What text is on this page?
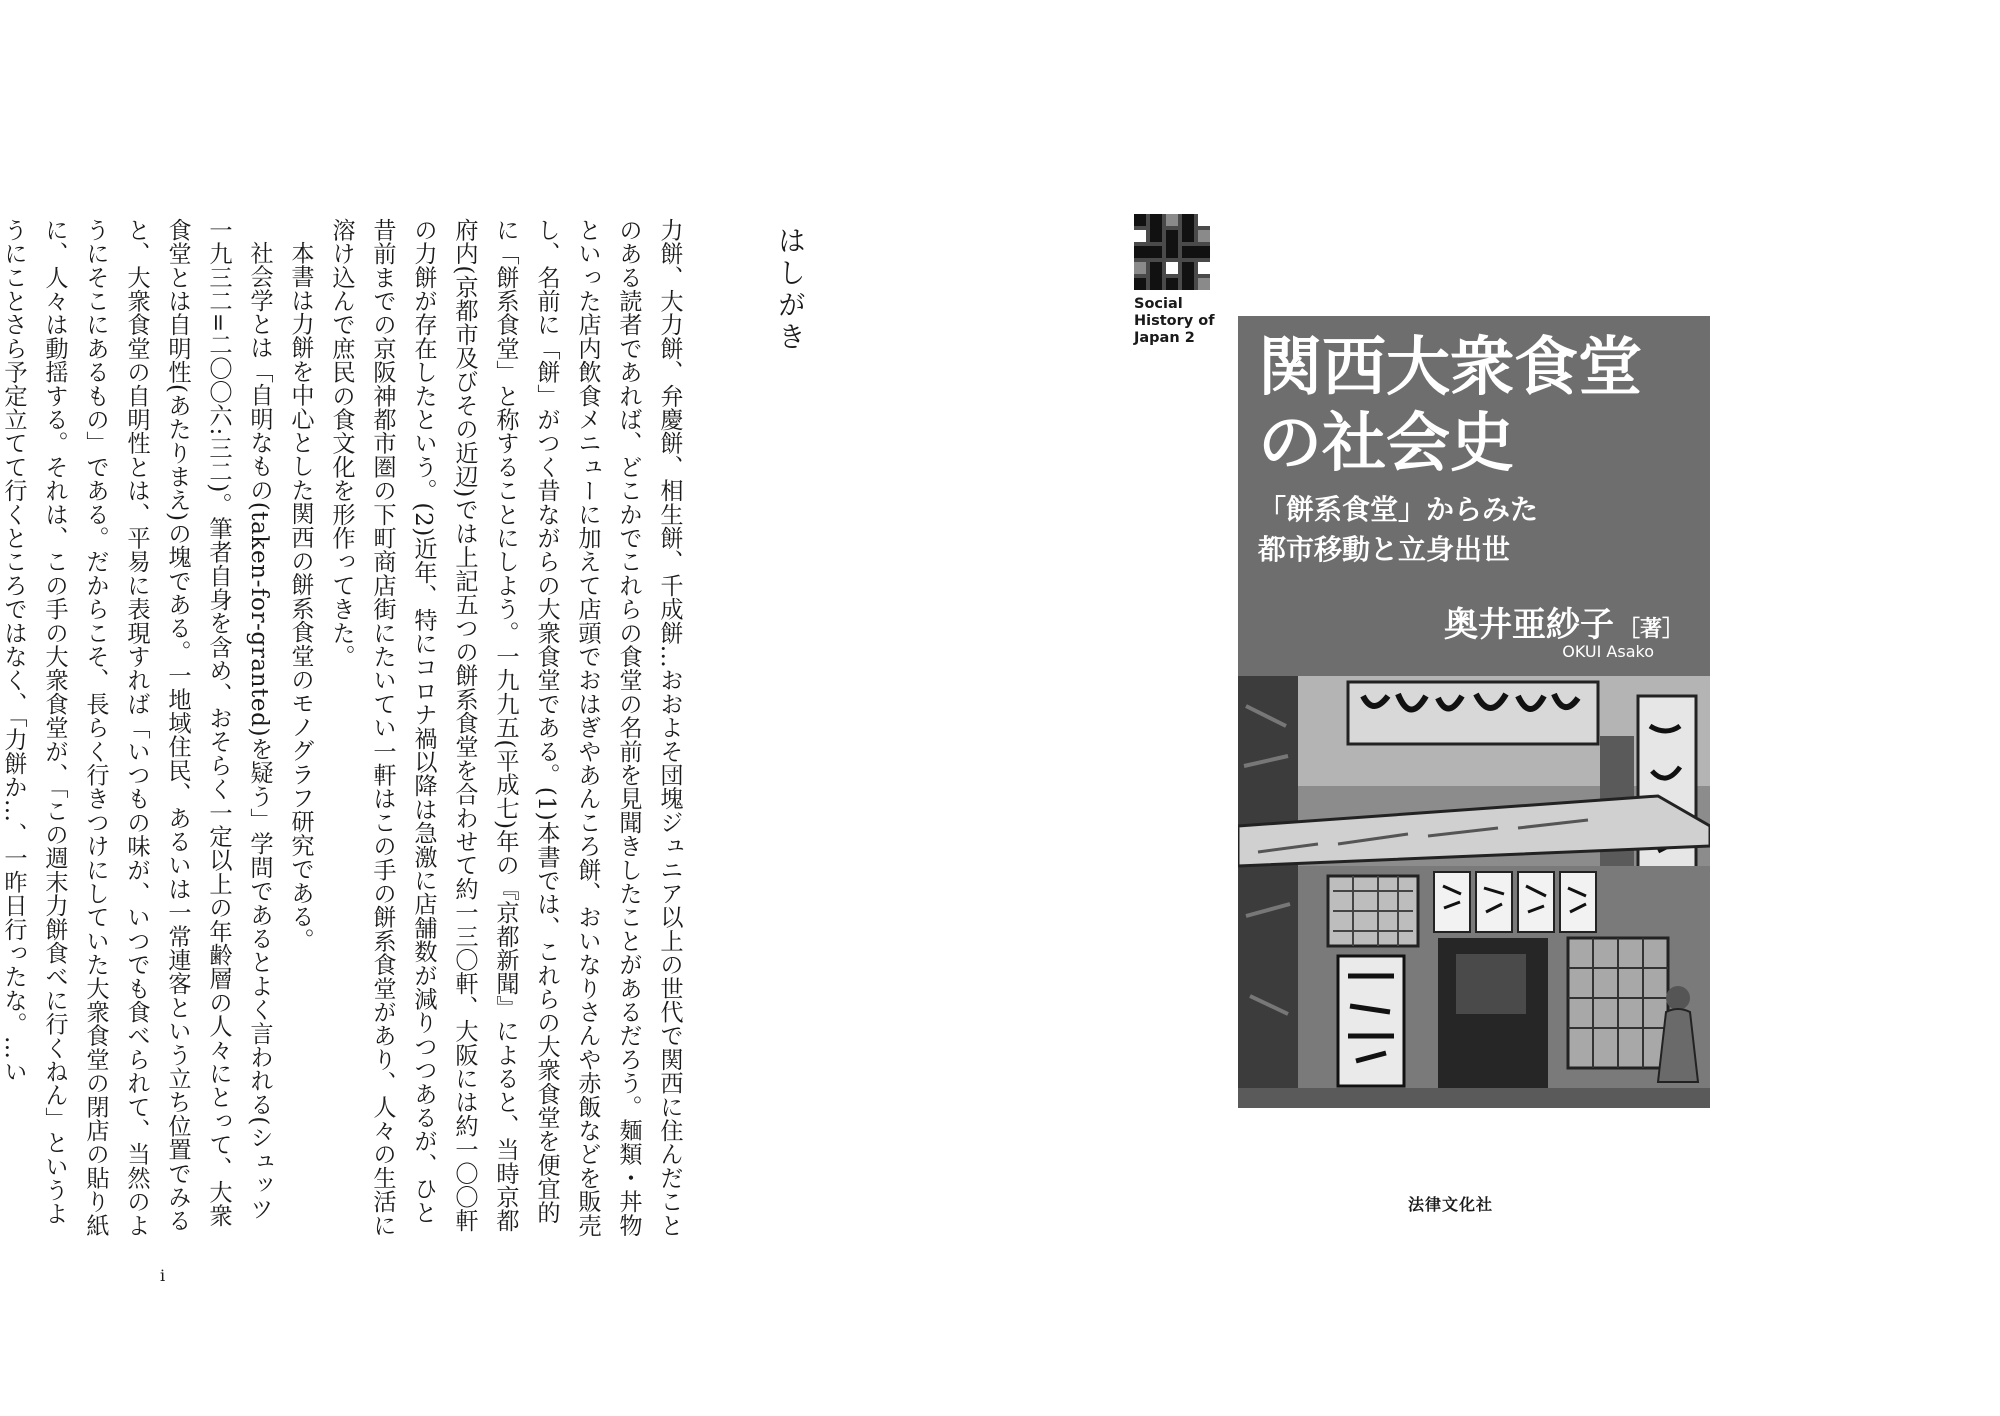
はしがき

力餅、大力餅、弁慶餅、相生餅、千成餅…おおよそ団塊ジュニア以上の世代で関西に住んだことのある読者であれば、どこかでこれらの食堂の名前を見聞きしたことがあるだろう。麺類・丼物といった店内飲食メニューに加えて店頭でおはぎやあんころ餅、おいなりさんや赤飯などを販売し、名前に「餅」がつく昔ながらの大衆食堂である。(1)本書では、これらの大衆食堂を便宜的に「餅系食堂」と称することにしよう。一九九五(平成七)年の『京都新聞』によると、当時京都府内(京都市及びその近辺)では上記五つの餅系食堂を合わせて約一三〇軒、大阪には約一〇〇軒の力餅が存在したという。(2)近年、特にコロナ禍以降は急激に店舗数が減りつつあるが、ひと昔前までの京阪神都市圏の下町商店街にたいてい一軒はこの手の餅系食堂があり、人々の生活に溶け込んで庶民の食文化を形作ってきた。

本書は力餅を中心とした関西の餅系食堂のモノグラフ研究である。

社会学とは「自明なもの(taken-for-granted)を疑う」学問であるとよく言われる(シュッツ 一九三二=二〇〇六:三二)。筆者自身を含め、おそらく一定以上の年齢層の人々にとって、大衆食堂とは自明性(あたりまえ)の塊である。一地域住民、あるいは一常連客という立ち位置でみると、大衆食堂の自明性とは、平易に表現すれば「いつもの味が、いつでも食べられて、当然のようにそこにあるもの」である。だからこそ、長らく行きつけにしていた大衆食堂の閉店の貼り紙に、人々は動揺する。それは、この手の大衆食堂が、「この週末力餅食べに行くねん」というようにことさら予定立てて行くところではなく、「力餅か…、一昨日行ったな。…い

i
Social
History of
Japan 2 関西大衆食堂
の社会史
「餅系食堂」からみた
都市移動と立身出世
奥井亜紗子 ［著］
OKUI Asako
法律文化社
